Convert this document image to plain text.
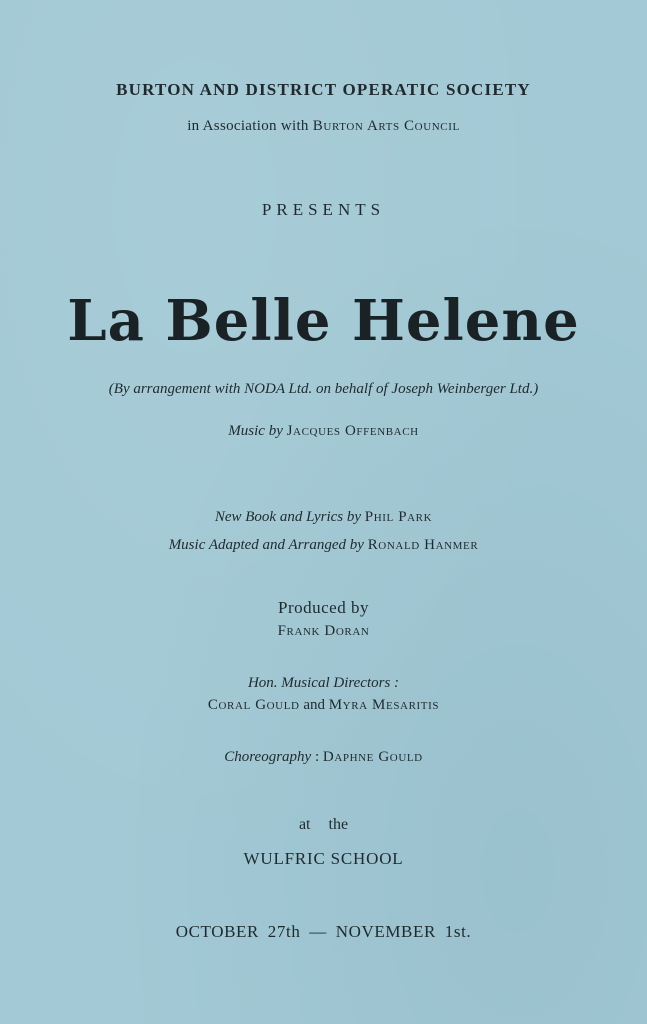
BURTON AND DISTRICT OPERATIC SOCIETY
in Association with Burton Arts Council
PRESENTS
La Belle Helene
(By arrangement with NODA Ltd. on behalf of Joseph Weinberger Ltd.)
Music by Jacques Offenbach
New Book and Lyrics by Phil Park
Music Adapted and Arranged by Ronald Hanmer
Produced by
Frank Doran
Hon. Musical Directors :
Coral Gould and Myra Mesaritis
Choreography : Daphne Gould
at the
WULFRIC SCHOOL
OCTOBER 27th — NOVEMBER 1st.
